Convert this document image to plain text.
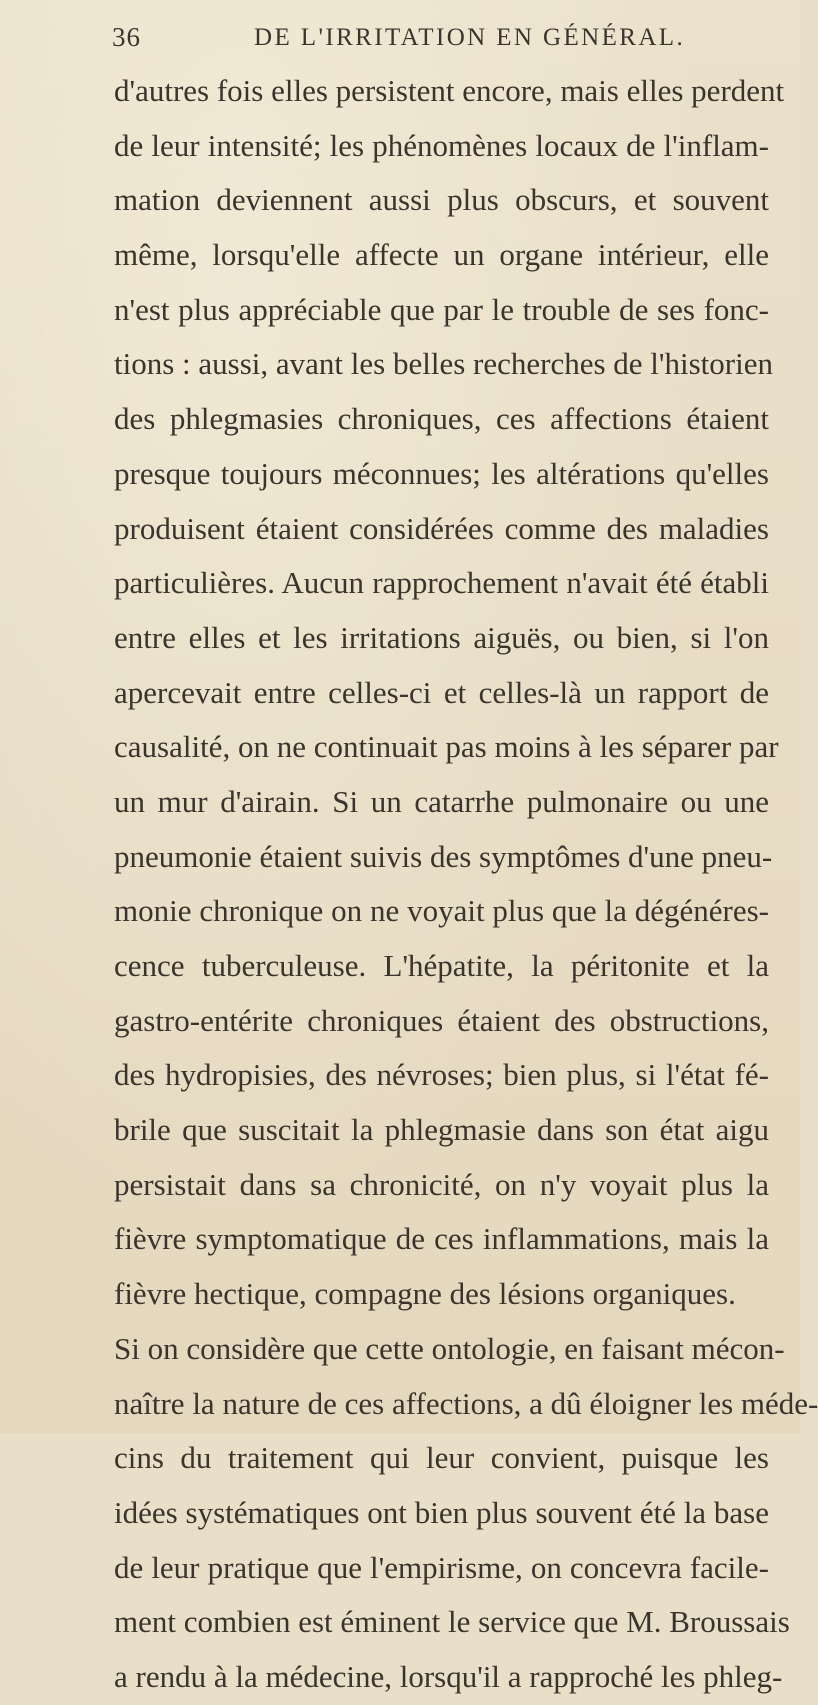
36	DE L'IRRITATION EN GÉNÉRAL.
d'autres fois elles persistent encore, mais elles perdent
de leur intensité; les phénomènes locaux de l'inflam-
mation deviennent aussi plus obscurs, et souvent
même, lorsqu'elle affecte un organe intérieur, elle
n'est plus appréciable que par le trouble de ses fonc-
tions : aussi, avant les belles recherches de l'historien
des phlegmasies chroniques, ces affections étaient
presque toujours méconnues; les altérations qu'elles
produisent étaient considérées comme des maladies
particulières. Aucun rapprochement n'avait été établi
entre elles et les irritations aiguës, ou bien, si l'on
apercevait entre celles-ci et celles-là un rapport de
causalité, on ne continuait pas moins à les séparer par
un mur d'airain. Si un catarrhe pulmonaire ou une
pneumonie étaient suivis des symptômes d'une pneu-
monie chronique on ne voyait plus que la dégénéres-
cence tuberculeuse. L'hépatite, la péritonite et la
gastro-entérite chroniques étaient des obstructions,
des hydropisies, des névroses; bien plus, si l'état fé-
brile que suscitait la phlegmasie dans son état aigu
persistait dans sa chronicité, on n'y voyait plus la
fièvre symptomatique de ces inflammations, mais la
fièvre hectique, compagne des lésions organiques.
Si on considère que cette ontologie, en faisant mécon-
naître la nature de ces affections, a dû éloigner les méde-
cins du traitement qui leur convient, puisque les
idées systématiques ont bien plus souvent été la base
de leur pratique que l'empirisme, on concevra facile-
ment combien est éminent le service que M. Broussais
a rendu à la médecine, lorsqu'il a rapproché les phleg-
